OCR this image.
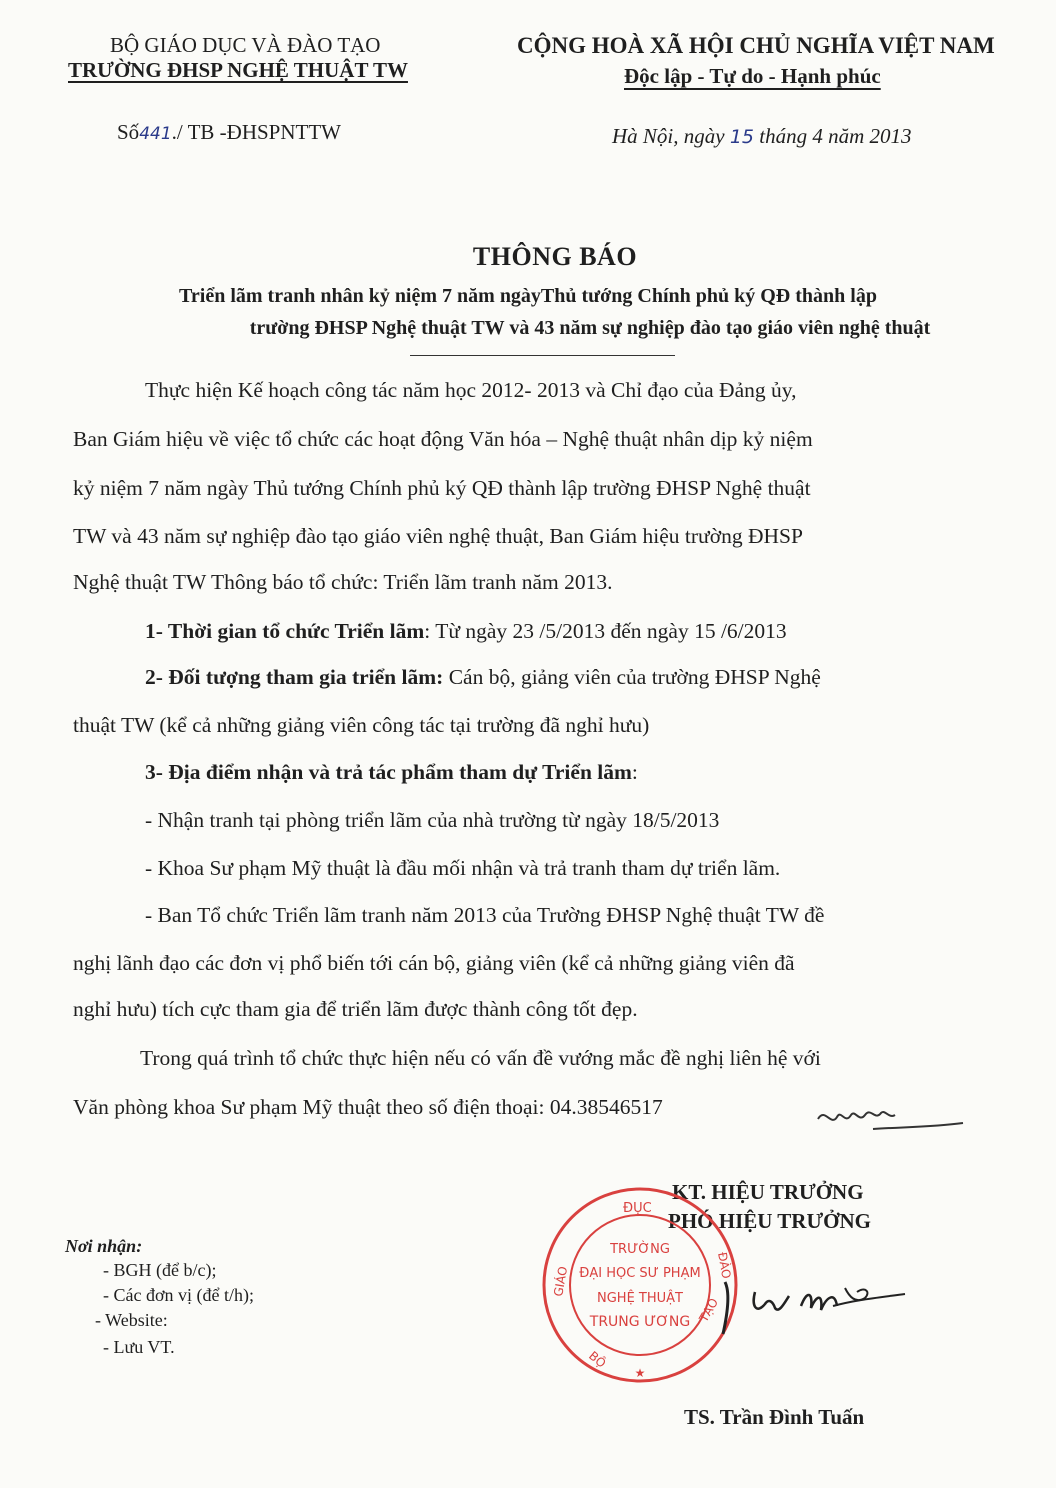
BỘ GIÁO DỤC VÀ ĐÀO TẠO
TRƯỜNG ĐHSP NGHỆ THUẬT TW
CỘNG HOÀ XÃ HỘI CHỦ NGHĨA VIỆT NAM
Độc lập - Tự do - Hạnh phúc
Số441./ TB -ĐHSPNTTW	Hà Nội, ngày 15 tháng 4 năm 2013
THÔNG BÁO
Triển lãm tranh nhân kỷ niệm 7 năm ngàyThủ tướng Chính phủ ký QĐ thành lập
trường ĐHSP Nghệ thuật TW và 43 năm sự nghiệp đào tạo giáo viên nghệ thuật
Thực hiện Kế hoạch công tác năm học 2012- 2013 và Chỉ đạo của Đảng ủy,
Ban Giám hiệu về việc tổ chức các hoạt động Văn hóa – Nghệ thuật nhân dịp kỷ niệm
kỷ niệm 7 năm ngày Thủ tướng Chính phủ ký QĐ thành lập trường ĐHSP Nghệ thuật
TW và 43 năm sự nghiệp đào tạo giáo viên nghệ thuật, Ban Giám hiệu trường ĐHSP
Nghệ thuật TW Thông báo tổ chức: Triển lãm tranh năm 2013.
1- Thời gian tổ chức Triển lãm: Từ ngày 23 /5/2013 đến ngày 15 /6/2013
2- Đối tượng tham gia triển lãm: Cán bộ, giảng viên của trường ĐHSP Nghệ
thuật TW (kể cả những giảng viên công tác tại trường đã nghỉ hưu)
3- Địa điểm nhận và trả tác phẩm tham dự Triển lãm:
- Nhận tranh tại phòng triển lãm của nhà trường từ ngày 18/5/2013
- Khoa Sư phạm Mỹ thuật là đầu mối nhận và trả tranh tham dự triển lãm.
- Ban Tổ chức Triển lãm tranh năm 2013 của Trường ĐHSP Nghệ thuật TW đề
nghị lãnh đạo các đơn vị phổ biến tới cán bộ, giảng viên (kể cả những giảng viên đã
nghỉ hưu) tích cực tham gia để triển lãm được thành công tốt đẹp.
Trong quá trình tổ chức thực hiện nếu có vấn đề vướng mắc đề nghị liên hệ với
Văn phòng khoa Sư phạm Mỹ thuật theo số điện thoại: 04.38546517
KT. HIỆU TRƯỞNG
PHÓ HIỆU TRƯỞNG
TS. Trần Đình Tuấn
ĐỤC
GIÁO	ĐÀO
BỘ
TẠO
TRƯỜNG
ĐẠI HỌC SƯ PHẠM
NGHỆ THUẬT
TRUNG ƯƠNG
★
Nơi nhận:
- BGH (để b/c);
- Các đơn vị (để t/h);
- Website:
- Lưu VT.
